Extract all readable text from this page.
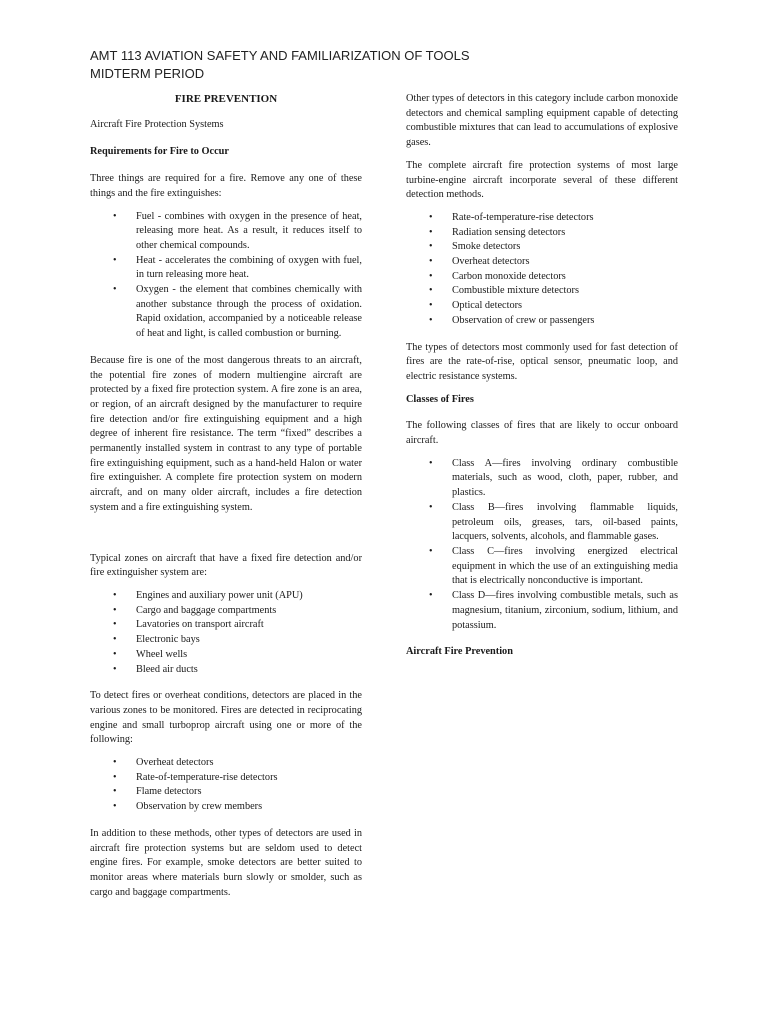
AMT 113 AVIATION SAFETY AND FAMILIARIZATION OF TOOLS
MIDTERM PERIOD
FIRE PREVENTION
Aircraft Fire Protection Systems
Requirements for Fire to Occur

Three things are required for a fire. Remove any one of these things and the fire extinguishes:

• Fuel - combines with oxygen in the presence of heat, releasing more heat. As a result, it reduces itself to other chemical compounds.
• Heat - accelerates the combining of oxygen with fuel, in turn releasing more heat.
• Oxygen - the element that combines chemically with another substance through the process of oxidation. Rapid oxidation, accompanied by a noticeable release of heat and light, is called combustion or burning.

Because fire is one of the most dangerous threats to an aircraft, the potential fire zones of modern multiengine aircraft are protected by a fixed fire protection system. A fire zone is an area, or region, of an aircraft designed by the manufacturer to require fire detection and/or fire extinguishing equipment and a high degree of inherent fire resistance. The term “fixed” describes a permanently installed system in contrast to any type of portable fire extinguishing equipment, such as a hand-held Halon or water fire extinguisher. A complete fire protection system on modern aircraft, and on many older aircraft, includes a fire detection system and a fire extinguishing system.

Typical zones on aircraft that have a fixed fire detection and/or fire extinguisher system are:

• Engines and auxiliary power unit (APU)
• Cargo and baggage compartments
• Lavatories on transport aircraft
• Electronic bays
• Wheel wells
• Bleed air ducts

To detect fires or overheat conditions, detectors are placed in the various zones to be monitored. Fires are detected in reciprocating engine and small turboprop aircraft using one or more of the following:

• Overheat detectors
• Rate-of-temperature-rise detectors
• Flame detectors
• Observation by crew members

In addition to these methods, other types of detectors are used in aircraft fire protection systems but are seldom used to detect engine fires. For example, smoke detectors are better suited to monitor areas where materials burn slowly or smolder, such as cargo and baggage compartments.

Other types of detectors in this category include carbon monoxide detectors and chemical sampling equipment capable of detecting combustible mixtures that can lead to accumulations of explosive gases.

The complete aircraft fire protection systems of most large turbine-engine aircraft incorporate several of these different detection methods.

• Rate-of-temperature-rise detectors
• Radiation sensing detectors
• Smoke detectors
• Overheat detectors
• Carbon monoxide detectors
• Combustible mixture detectors
• Optical detectors
• Observation of crew or passengers

The types of detectors most commonly used for fast detection of fires are the rate-of-rise, optical sensor, pneumatic loop, and electric resistance systems.

Classes of Fires

The following classes of fires that are likely to occur onboard aircraft.

• Class A—fires involving ordinary combustible materials, such as wood, cloth, paper, rubber, and plastics.
• Class B—fires involving flammable liquids, petroleum oils, greases, tars, oil-based paints, lacquers, solvents, alcohols, and flammable gases.
• Class C—fires involving energized electrical equipment in which the use of an extinguishing media that is electrically nonconductive is important.
• Class D—fires involving combustible metals, such as magnesium, titanium, zirconium, sodium, lithium, and potassium.
Aircraft Fire Prevention
